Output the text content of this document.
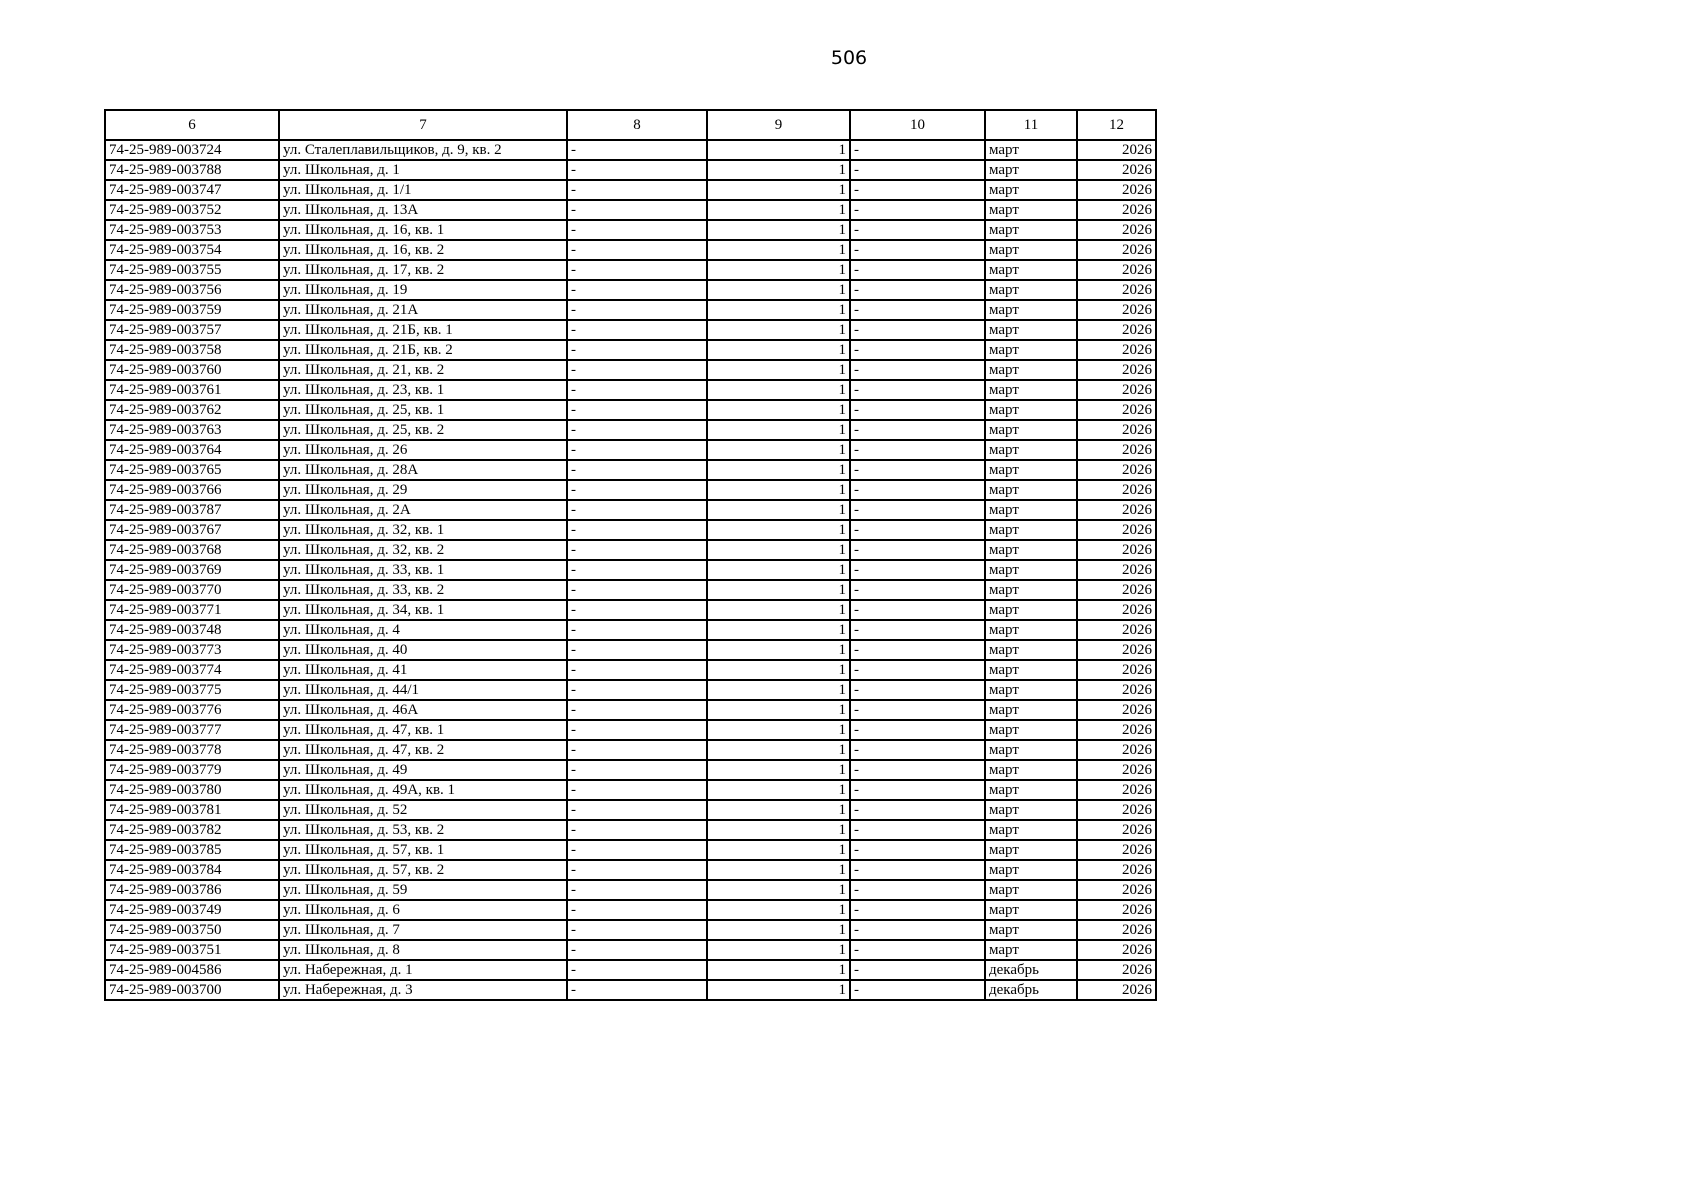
506
6	7	8	9	10	11	12
74-25-989-003724	ул. Сталеплавильщиков, д. 9, кв. 2	-	1	-	март	2026
74-25-989-003788	ул. Школьная, д. 1	-	1	-	март	2026
74-25-989-003747	ул. Школьная, д. 1/1	-	1	-	март	2026
74-25-989-003752	ул. Школьная, д. 13А	-	1	-	март	2026
74-25-989-003753	ул. Школьная, д. 16, кв. 1	-	1	-	март	2026
74-25-989-003754	ул. Школьная, д. 16, кв. 2	-	1	-	март	2026
74-25-989-003755	ул. Школьная, д. 17, кв. 2	-	1	-	март	2026
74-25-989-003756	ул. Школьная, д. 19	-	1	-	март	2026
74-25-989-003759	ул. Школьная, д. 21А	-	1	-	март	2026
74-25-989-003757	ул. Школьная, д. 21Б, кв. 1	-	1	-	март	2026
74-25-989-003758	ул. Школьная, д. 21Б, кв. 2	-	1	-	март	2026
74-25-989-003760	ул. Школьная, д. 21, кв. 2	-	1	-	март	2026
74-25-989-003761	ул. Школьная, д. 23, кв. 1	-	1	-	март	2026
74-25-989-003762	ул. Школьная, д. 25, кв. 1	-	1	-	март	2026
74-25-989-003763	ул. Школьная, д. 25, кв. 2	-	1	-	март	2026
74-25-989-003764	ул. Школьная, д. 26	-	1	-	март	2026
74-25-989-003765	ул. Школьная, д. 28А	-	1	-	март	2026
74-25-989-003766	ул. Школьная, д. 29	-	1	-	март	2026
74-25-989-003787	ул. Школьная, д. 2А	-	1	-	март	2026
74-25-989-003767	ул. Школьная, д. 32, кв. 1	-	1	-	март	2026
74-25-989-003768	ул. Школьная, д. 32, кв. 2	-	1	-	март	2026
74-25-989-003769	ул. Школьная, д. 33, кв. 1	-	1	-	март	2026
74-25-989-003770	ул. Школьная, д. 33, кв. 2	-	1	-	март	2026
74-25-989-003771	ул. Школьная, д. 34, кв. 1	-	1	-	март	2026
74-25-989-003748	ул. Школьная, д. 4	-	1	-	март	2026
74-25-989-003773	ул. Школьная, д. 40	-	1	-	март	2026
74-25-989-003774	ул. Школьная, д. 41	-	1	-	март	2026
74-25-989-003775	ул. Школьная, д. 44/1	-	1	-	март	2026
74-25-989-003776	ул. Школьная, д. 46А	-	1	-	март	2026
74-25-989-003777	ул. Школьная, д. 47, кв. 1	-	1	-	март	2026
74-25-989-003778	ул. Школьная, д. 47, кв. 2	-	1	-	март	2026
74-25-989-003779	ул. Школьная, д. 49	-	1	-	март	2026
74-25-989-003780	ул. Школьная, д. 49А, кв. 1	-	1	-	март	2026
74-25-989-003781	ул. Школьная, д. 52	-	1	-	март	2026
74-25-989-003782	ул. Школьная, д. 53, кв. 2	-	1	-	март	2026
74-25-989-003785	ул. Школьная, д. 57, кв. 1	-	1	-	март	2026
74-25-989-003784	ул. Школьная, д. 57, кв. 2	-	1	-	март	2026
74-25-989-003786	ул. Школьная, д. 59	-	1	-	март	2026
74-25-989-003749	ул. Школьная, д. 6	-	1	-	март	2026
74-25-989-003750	ул. Школьная, д. 7	-	1	-	март	2026
74-25-989-003751	ул. Школьная, д. 8	-	1	-	март	2026
74-25-989-004586	ул. Набережная, д. 1	-	1	-	декабрь	2026
74-25-989-003700	ул. Набережная, д. 3	-	1	-	декабрь	2026
